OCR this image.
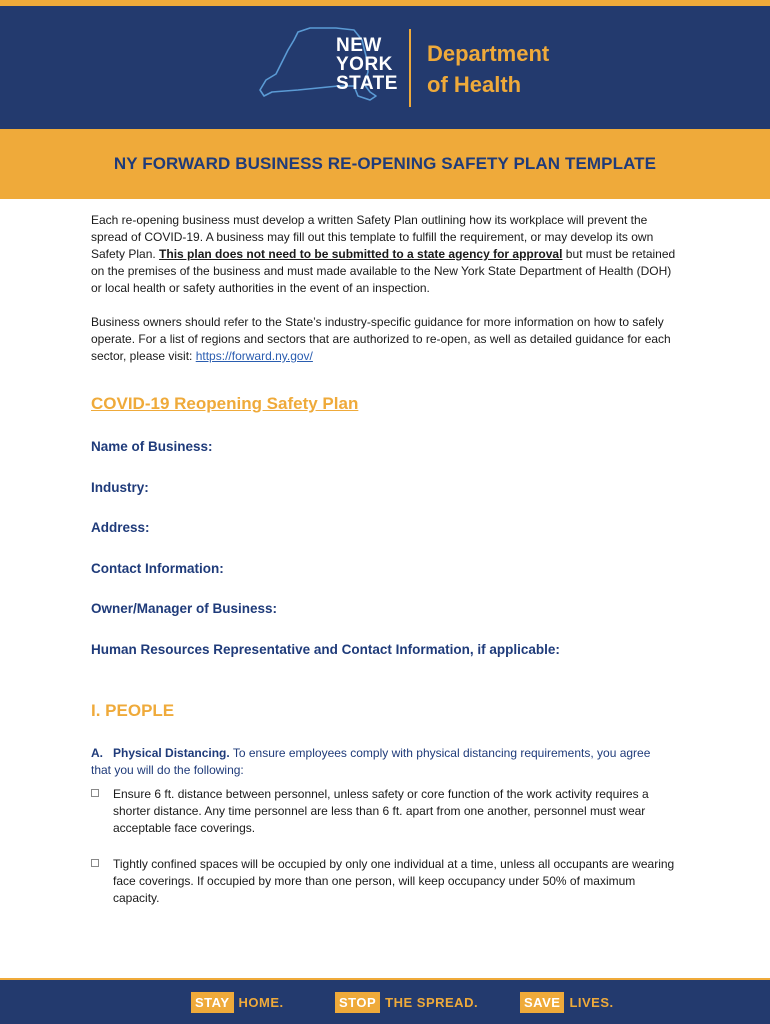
NEW
YORK
STATE
Department
of Health
NY FORWARD BUSINESS RE-OPENING SAFETY PLAN TEMPLATE

Each re-opening business must develop a written Safety Plan outlining how its workplace will prevent the spread of COVID-19. A business may fill out this template to fulfill the requirement, or may develop its own Safety Plan. This plan does not need to be submitted to a state agency for approval but must be retained on the premises of the business and must made available to the New York State Department of Health (DOH) or local health or safety authorities in the event of an inspection.

Business owners should refer to the State’s industry-specific guidance for more information on how to safely operate. For a list of regions and sectors that are authorized to re-open, as well as detailed guidance for each sector, please visit: https://forward.ny.gov/

COVID-19 Reopening Safety Plan
Name of Business:
Industry:
Address:
Contact Information:
Owner/Manager of Business:
Human Resources Representative and Contact Information, if applicable:
I. PEOPLE
A. Physical Distancing. To ensure employees comply with physical distancing requirements, you agree that you will do the following:
Ensure 6 ft. distance between personnel, unless safety or core function of the work activity requires a shorter distance. Any time personnel are less than 6 ft. apart from one another, personnel must wear acceptable face coverings.
Tightly confined spaces will be occupied by only one individual at a time, unless all occupants are wearing face coverings. If occupied by more than one person, will keep occupancy under 50% of maximum capacity.
STAY HOME.	STOP THE SPREAD.	SAVE LIVES.
